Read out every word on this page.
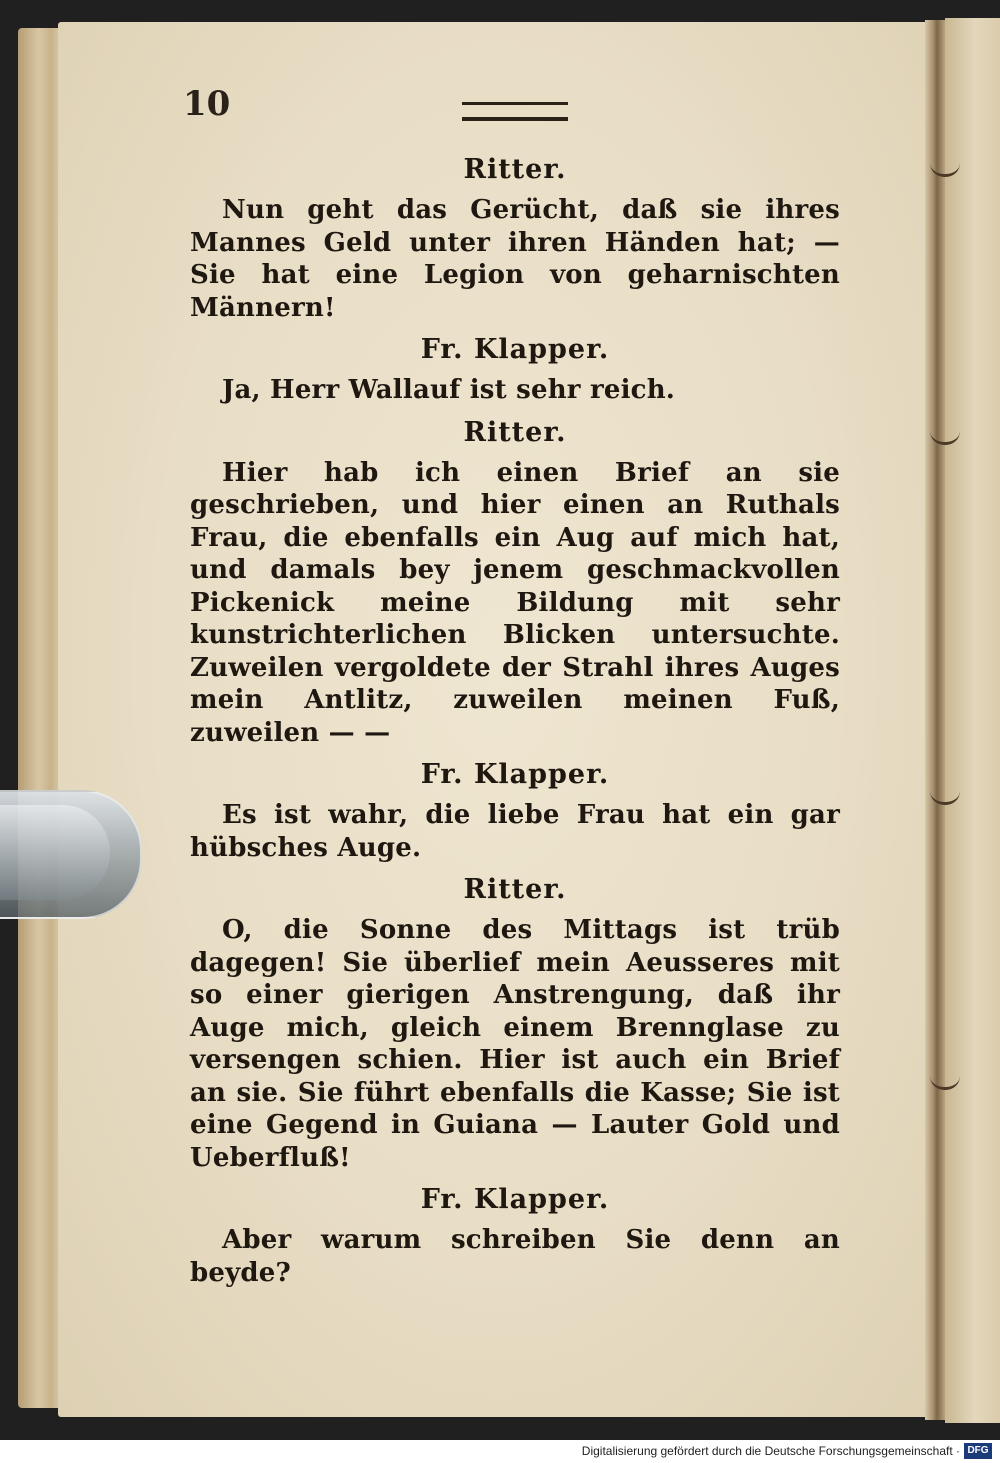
10
Ritter.
Nun geht das Gerücht, daß sie ihres Mannes Geld unter ihren Händen hat; — Sie hat eine Legion von geharnischten Männern!
Fr. Klapper.
Ja, Herr Wallauf ist sehr reich.
Ritter.
Hier hab ich einen Brief an sie geschrieben, und hier einen an Ruthals Frau, die ebenfalls ein Aug auf mich hat, und damals bey jenem geschmackvollen Pickenick meine Bildung mit sehr kunstrichterlichen Blicken untersuchte. Zuweilen vergoldete der Strahl ihres Auges mein Antlitz, zuweilen meinen Fuß, zuweilen — —
Fr. Klapper.
Es ist wahr, die liebe Frau hat ein gar hübsches Auge.
Ritter.
O, die Sonne des Mittags ist trüb dagegen! Sie überlief mein Aeusseres mit so einer gierigen Anstrengung, daß ihr Auge mich, gleich einem Brennglase zu versengen schien. Hier ist auch ein Brief an sie. Sie führt ebenfalls die Kasse; Sie ist eine Gegend in Guiana — Lauter Gold und Ueberfluß!
Fr. Klapper.
Aber warum schreiben Sie denn an beyde?
Digitalisierung gefördert durch die Deutsche Forschungsgemeinschaft · DFG
